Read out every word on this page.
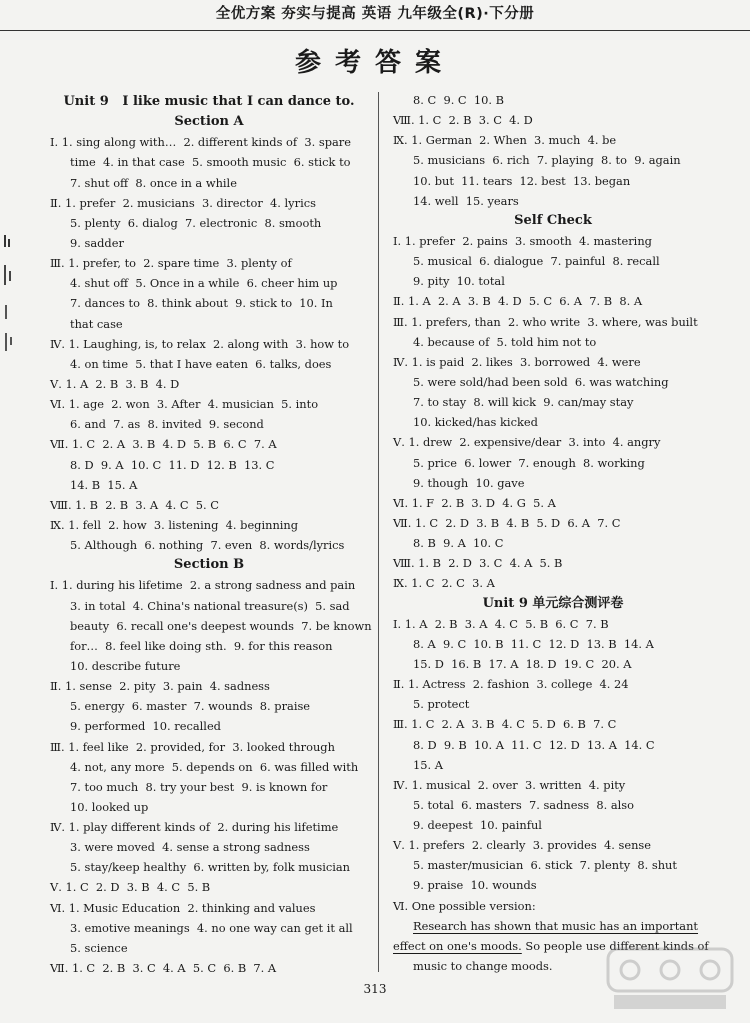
全优方案 夯实与提高 英语 九年级全(R)·下分册
参考答案
Unit 9   I like music that I can dance to.
Section A
Ⅰ. 1. sing along with…  2. different kinds of  3. spare
time  4. in that case  5. smooth music  6. stick to
7. shut off  8. once in a while
Ⅱ. 1. prefer  2. musicians  3. director  4. lyrics
5. plenty  6. dialog  7. electronic  8. smooth
9. sadder
Ⅲ. 1. prefer, to  2. spare time  3. plenty of
4. shut off  5. Once in a while  6. cheer him up
7. dances to  8. think about  9. stick to  10. In
that case
Ⅳ. 1. Laughing, is, to relax  2. along with  3. how to
4. on time  5. that I have eaten  6. talks, does
Ⅴ. 1. A  2. B  3. B  4. D
Ⅵ. 1. age  2. won  3. After  4. musician  5. into
6. and  7. as  8. invited  9. second
Ⅶ. 1. C  2. A  3. B  4. D  5. B  6. C  7. A
8. D  9. A  10. C  11. D  12. B  13. C
14. B  15. A
Ⅷ. 1. B  2. B  3. A  4. C  5. C
Ⅸ. 1. fell  2. how  3. listening  4. beginning
5. Although  6. nothing  7. even  8. words/lyrics
Section B
Ⅰ. 1. during his lifetime  2. a strong sadness and pain
3. in total  4. China's national treasure(s)  5. sad
beauty  6. recall one's deepest wounds  7. be known
for…  8. feel like doing sth.  9. for this reason
10. describe future
Ⅱ. 1. sense  2. pity  3. pain  4. sadness
5. energy  6. master  7. wounds  8. praise
9. performed  10. recalled
Ⅲ. 1. feel like  2. provided, for  3. looked through
4. not, any more  5. depends on  6. was filled with
7. too much  8. try your best  9. is known for
10. looked up
Ⅳ. 1. play different kinds of  2. during his lifetime
3. were moved  4. sense a strong sadness
5. stay/keep healthy  6. written by, folk musician
Ⅴ. 1. C  2. D  3. B  4. C  5. B
Ⅵ. 1. Music Education  2. thinking and values
3. emotive meanings  4. no one way can get it all
5. science
Ⅶ. 1. C  2. B  3. C  4. A  5. C  6. B  7. A
8. C  9. C  10. B
Ⅷ. 1. C  2. B  3. C  4. D
Ⅸ. 1. German  2. When  3. much  4. be
5. musicians  6. rich  7. playing  8. to  9. again
10. but  11. tears  12. best  13. began
14. well  15. years
Self Check
Ⅰ. 1. prefer  2. pains  3. smooth  4. mastering
5. musical  6. dialogue  7. painful  8. recall
9. pity  10. total
Ⅱ. 1. A  2. A  3. B  4. D  5. C  6. A  7. B  8. A
Ⅲ. 1. prefers, than  2. who write  3. where, was built
4. because of  5. told him not to
Ⅳ. 1. is paid  2. likes  3. borrowed  4. were
5. were sold/had been sold  6. was watching
7. to stay  8. will kick  9. can/may stay
10. kicked/has kicked
Ⅴ. 1. drew  2. expensive/dear  3. into  4. angry
5. price  6. lower  7. enough  8. working
9. though  10. gave
Ⅵ. 1. F  2. B  3. D  4. G  5. A
Ⅶ. 1. C  2. D  3. B  4. B  5. D  6. A  7. C
8. B  9. A  10. C
Ⅷ. 1. B  2. D  3. C  4. A  5. B
Ⅸ. 1. C  2. C  3. A
Unit 9 单元综合测评卷
Ⅰ. 1. A  2. B  3. A  4. C  5. B  6. C  7. B
8. A  9. C  10. B  11. C  12. D  13. B  14. A
15. D  16. B  17. A  18. D  19. C  20. A
Ⅱ. 1. Actress  2. fashion  3. college  4. 24
5. protect
Ⅲ. 1. C  2. A  3. B  4. C  5. D  6. B  7. C
8. D  9. B  10. A  11. C  12. D  13. A  14. C
15. A
Ⅳ. 1. musical  2. over  3. written  4. pity
5. total  6. masters  7. sadness  8. also
9. deepest  10. painful
Ⅴ. 1. prefers  2. clearly  3. provides  4. sense
5. master/musician  6. stick  7. plenty  8. shut
9. praise  10. wounds
Ⅵ. One possible version:
Research has shown that music has an important
effect on one's moods. So people use different kinds of
music to change moods.
313
